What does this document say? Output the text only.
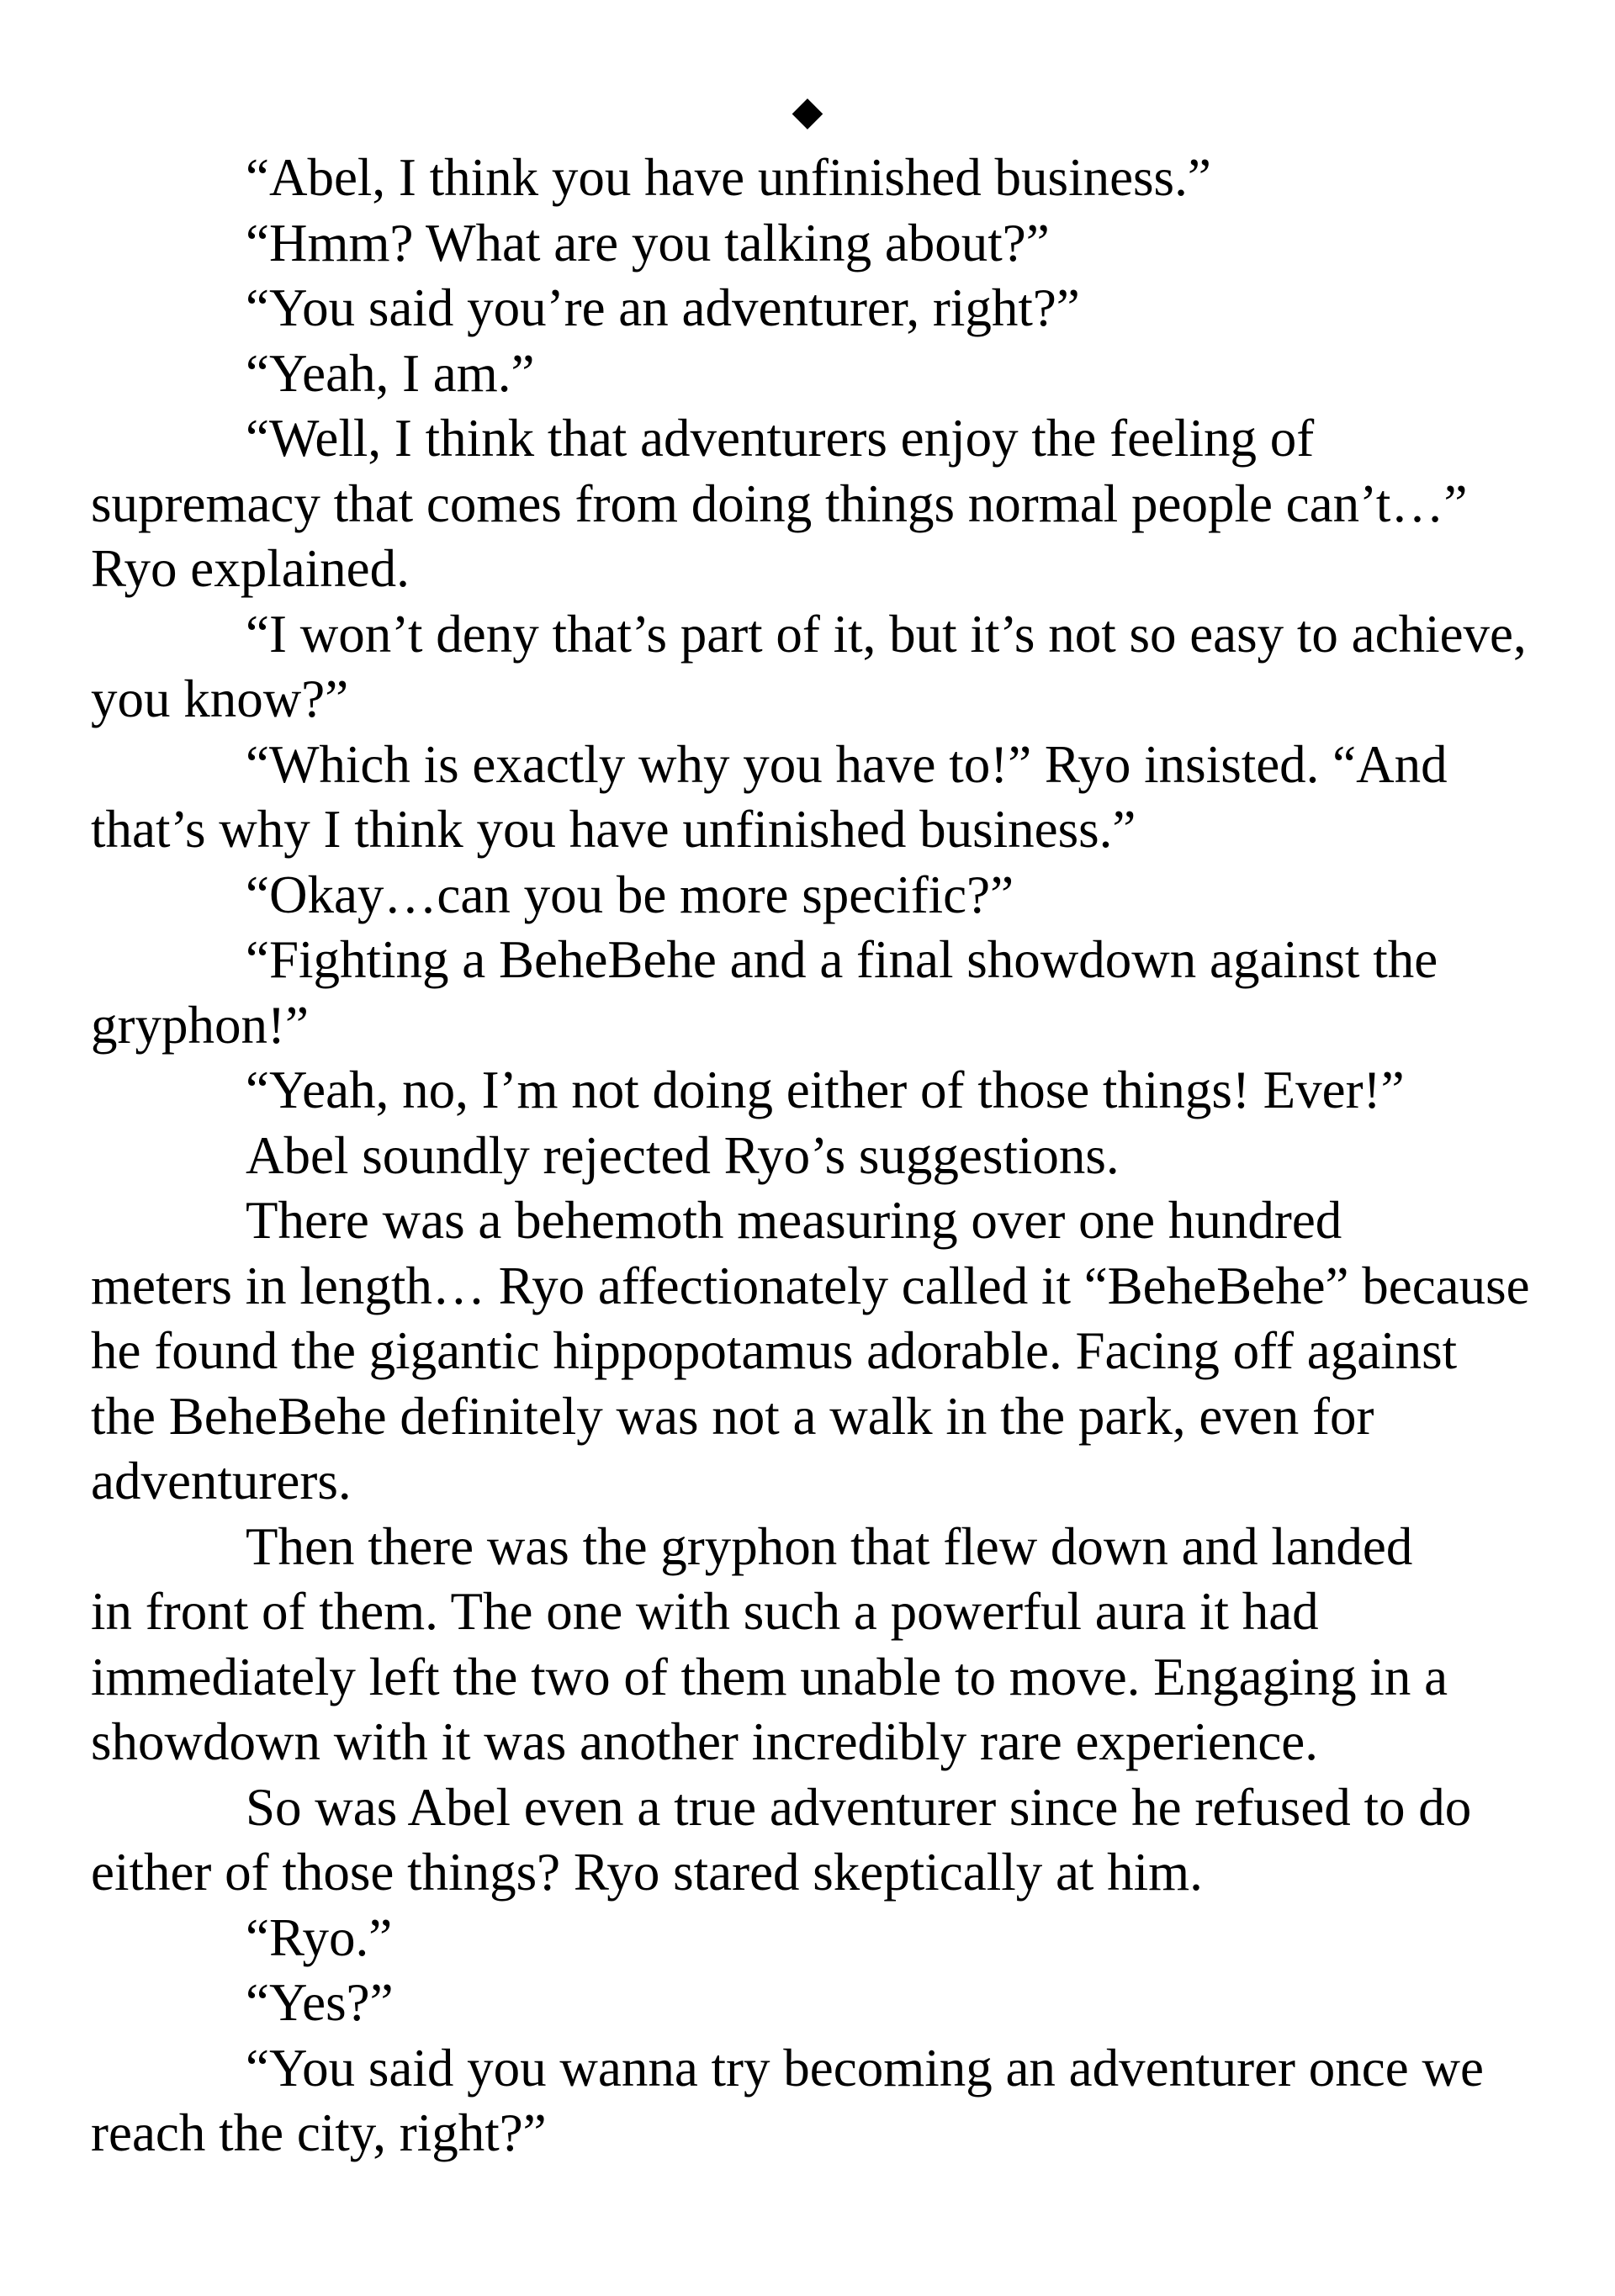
◆
“Abel, I think you have unfinished business.”
“Hmm? What are you talking about?”
“You said you’re an adventurer, right?”
“Yeah, I am.”
“Well, I think that adventurers enjoy the feeling of
supremacy that comes from doing things normal people can’t…”
Ryo explained.
“I won’t deny that’s part of it, but it’s not so easy to achieve,
you know?”
“Which is exactly why you have to!” Ryo insisted. “And
that’s why I think you have unfinished business.”
“Okay…can you be more specific?”
“Fighting a BeheBehe and a final showdown against the
gryphon!”
“Yeah, no, I’m not doing either of those things! Ever!”
Abel soundly rejected Ryo’s suggestions.
There was a behemoth measuring over one hundred
meters in length… Ryo affectionately called it “BeheBehe” because
he found the gigantic hippopotamus adorable. Facing off against
the BeheBehe definitely was not a walk in the park, even for
adventurers.
Then there was the gryphon that flew down and landed
in front of them. The one with such a powerful aura it had
immediately left the two of them unable to move. Engaging in a
showdown with it was another incredibly rare experience.
So was Abel even a true adventurer since he refused to do
either of those things? Ryo stared skeptically at him.
“Ryo.”
“Yes?”
“You said you wanna try becoming an adventurer once we
reach the city, right?”
